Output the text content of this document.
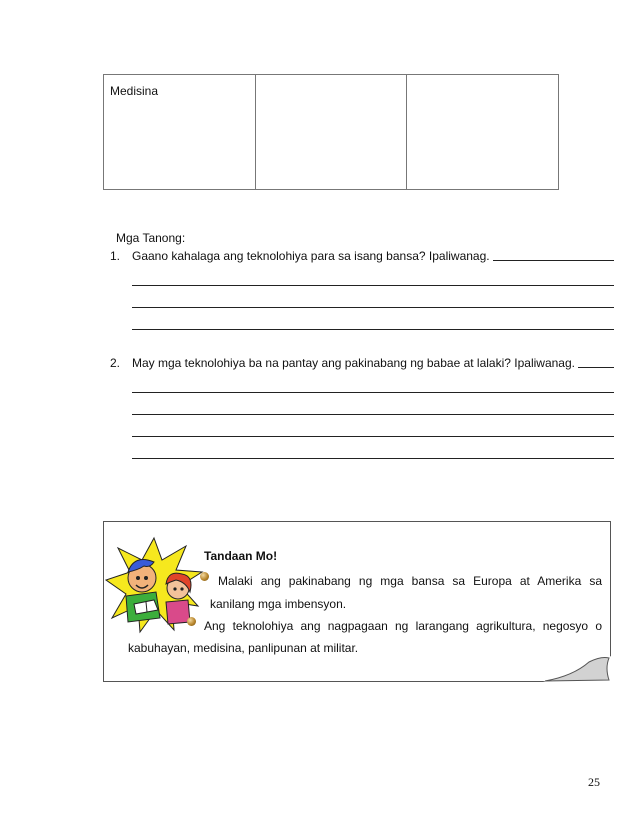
Medisina
Mga Tanong:
1. Gaano kahalaga ang teknolohiya para sa isang bansa? Ipaliwanag.
2. May mga teknolohiya ba na pantay ang pakinabang ng babae at lalaki? Ipaliwanag.
Tandaan Mo!
Malaki ang pakinabang ng mga bansa sa Europa at Amerika sa
kanilang mga imbensyon.
Ang teknolohiya ang nagpagaan ng larangang agrikultura, negosyo o
kabuhayan, medisina, panlipunan at militar.
25
